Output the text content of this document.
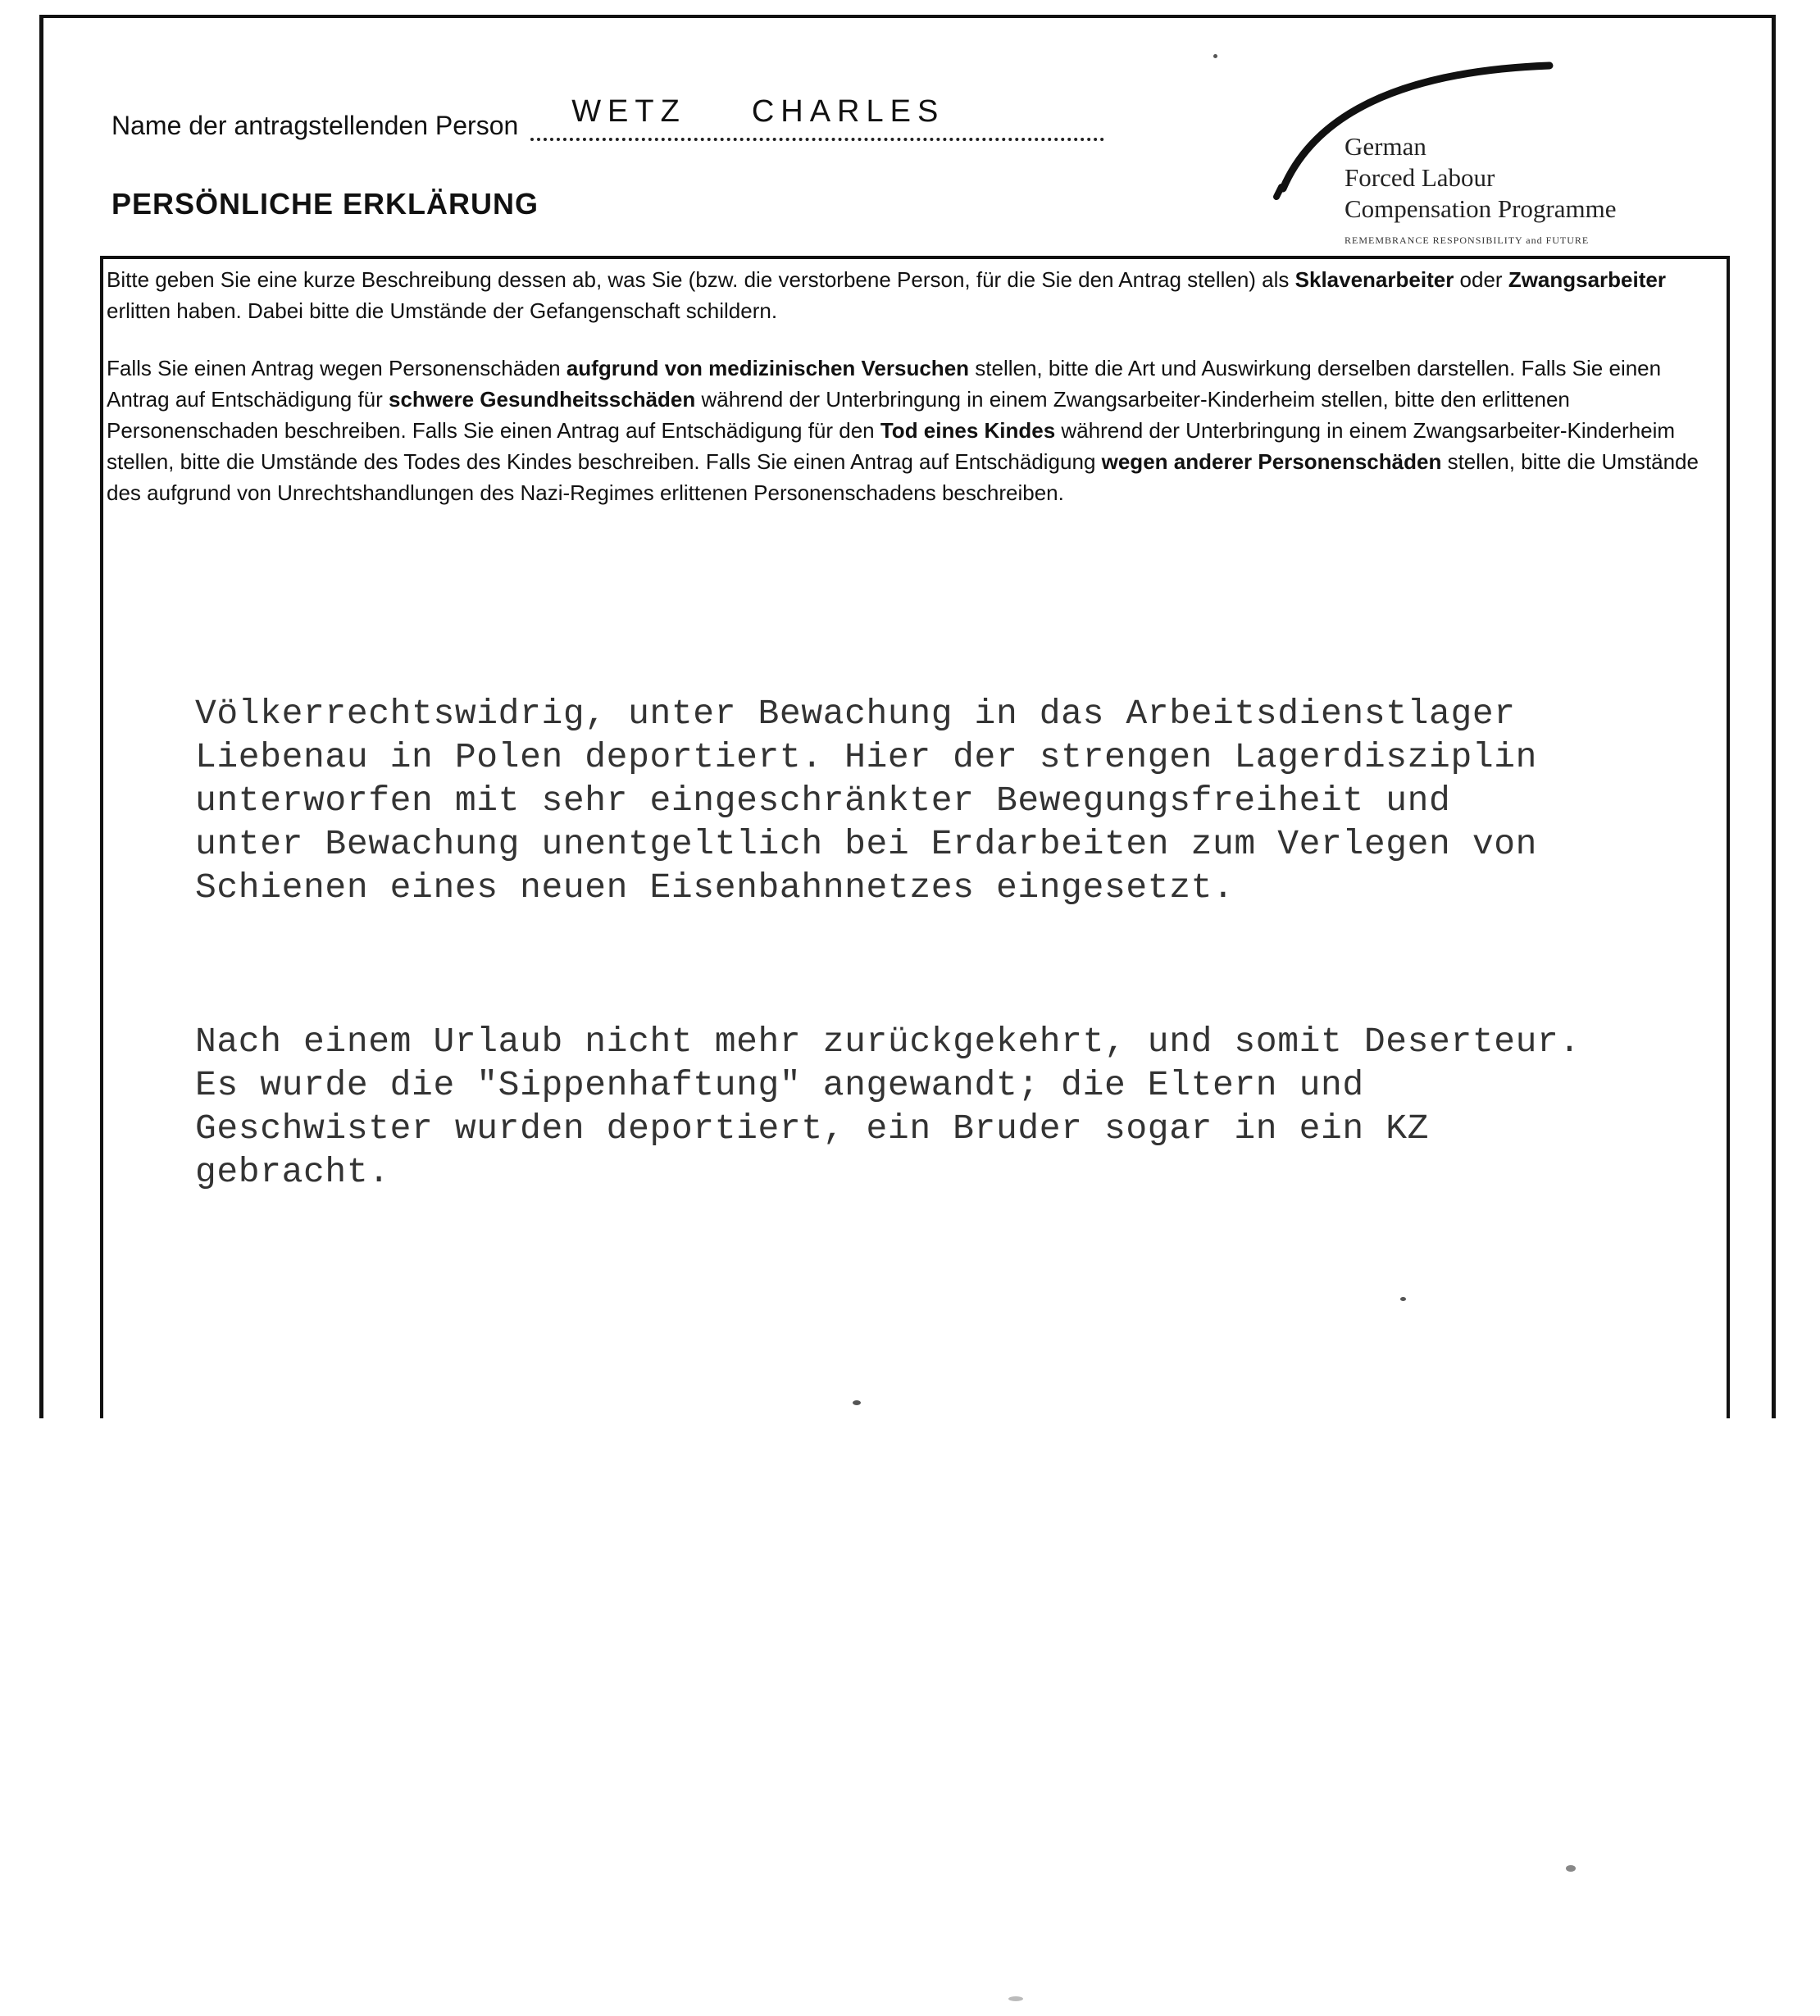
Name der antragstellenden Person WETZ CHARLES
PERSÖNLICHE ERKLÄRUNG
German
Forced Labour
Compensation Programme
REMEMBRANCE RESPONSIBILITY and FUTURE

Bitte geben Sie eine kurze Beschreibung dessen ab, was Sie (bzw. die verstorbene Person, für die Sie den Antrag stellen) als Sklavenarbeiter oder Zwangsarbeiter erlitten haben. Dabei bitte die Umstände der Gefangenschaft schildern.

Falls Sie einen Antrag wegen Personenschäden aufgrund von medizinischen Versuchen stellen, bitte die Art und Auswirkung derselben darstellen. Falls Sie einen Antrag auf Entschädigung für schwere Gesundheitsschäden während der Unterbringung in einem Zwangsarbeiter-Kinderheim stellen, bitte den erlittenen Personenschaden beschreiben. Falls Sie einen Antrag auf Entschädigung für den Tod eines Kindes während der Unterbringung in einem Zwangsarbeiter-Kinderheim stellen, bitte die Umstände des Todes des Kindes beschreiben. Falls Sie einen Antrag auf Entschädigung wegen anderer Personenschäden stellen, bitte die Umstände des aufgrund von Unrechtshandlungen des Nazi-Regimes erlittenen Personenschadens beschreiben.

Völkerrechtswidrig, unter Bewachung in das Arbeitsdienstlager
Liebenau in Polen deportiert. Hier der strengen Lagerdisziplin
unterworfen mit sehr eingeschränkter Bewegungsfreiheit und
unter Bewachung unentgeltlich bei Erdarbeiten zum Verlegen von
Schienen eines neuen Eisenbahnnetzes eingesetzt.

Nach einem Urlaub nicht mehr zurückgekehrt, und somit Deserteur.
Es wurde die "Sippenhaftung" angewandt; die Eltern und
Geschwister wurden deportiert, ein Bruder sogar in ein KZ
gebracht.
